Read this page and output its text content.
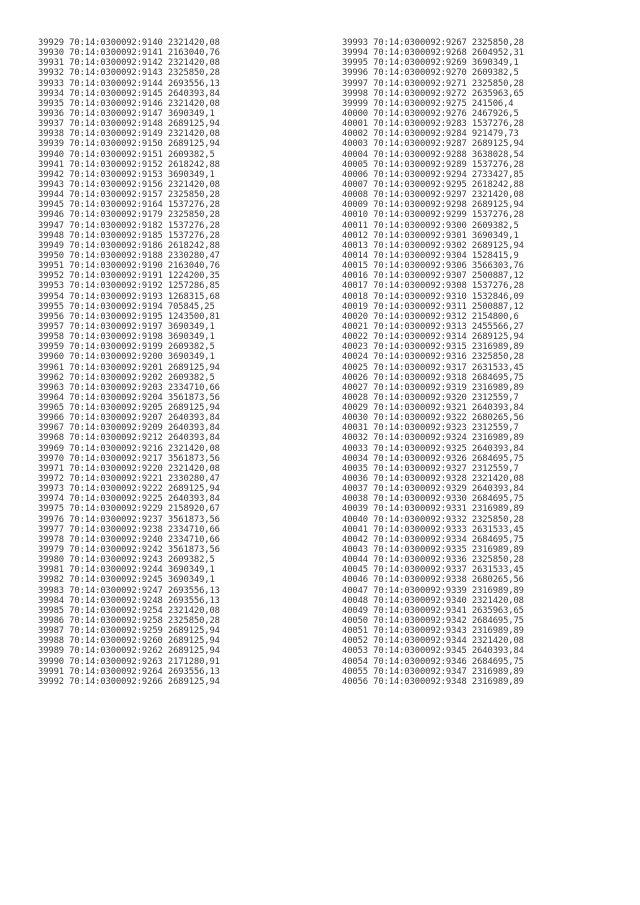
39929 70:14:0300092:9140 2321420,08
39930 70:14:0300092:9141 2163040,76
39931 70:14:0300092:9142 2321420,08
39932 70:14:0300092:9143 2325850,28
39933 70:14:0300092:9144 2693556,13
39934 70:14:0300092:9145 2640393,84
39935 70:14:0300092:9146 2321420,08
39936 70:14:0300092:9147 3690349,1
39937 70:14:0300092:9148 2689125,94
39938 70:14:0300092:9149 2321420,08
39939 70:14:0300092:9150 2689125,94
39940 70:14:0300092:9151 2609382,5
39941 70:14:0300092:9152 2618242,88
39942 70:14:0300092:9153 3690349,1
39943 70:14:0300092:9156 2321420,08
39944 70:14:0300092:9157 2325850,28
39945 70:14:0300092:9164 1537276,28
39946 70:14:0300092:9179 2325850,28
39947 70:14:0300092:9182 1537276,28
39948 70:14:0300092:9185 1537276,28
39949 70:14:0300092:9186 2618242,88
39950 70:14:0300092:9188 2330280,47
39951 70:14:0300092:9190 2163040,76
39952 70:14:0300092:9191 1224200,35
39953 70:14:0300092:9192 1257286,85
39954 70:14:0300092:9193 1268315,68
39955 70:14:0300092:9194 705845,25
39956 70:14:0300092:9195 1243500,81
39957 70:14:0300092:9197 3690349,1
39958 70:14:0300092:9198 3690349,1
39959 70:14:0300092:9199 2609382,5
39960 70:14:0300092:9200 3690349,1
39961 70:14:0300092:9201 2689125,94
39962 70:14:0300092:9202 2609382,5
39963 70:14:0300092:9203 2334710,66
39964 70:14:0300092:9204 3561873,56
39965 70:14:0300092:9205 2689125,94
39966 70:14:0300092:9207 2640393,84
39967 70:14:0300092:9209 2640393,84
39968 70:14:0300092:9212 2640393,84
39969 70:14:0300092:9216 2321420,08
39970 70:14:0300092:9217 3561873,56
39971 70:14:0300092:9220 2321420,08
39972 70:14:0300092:9221 2330280,47
39973 70:14:0300092:9222 2689125,94
39974 70:14:0300092:9225 2640393,84
39975 70:14:0300092:9229 2158920,67
39976 70:14:0300092:9237 3561873,56
39977 70:14:0300092:9238 2334710,66
39978 70:14:0300092:9240 2334710,66
39979 70:14:0300092:9242 3561873,56
39980 70:14:0300092:9243 2609382,5
39981 70:14:0300092:9244 3690349,1
39982 70:14:0300092:9245 3690349,1
39983 70:14:0300092:9247 2693556,13
39984 70:14:0300092:9248 2693556,13
39985 70:14:0300092:9254 2321420,08
39986 70:14:0300092:9258 2325850,28
39987 70:14:0300092:9259 2689125,94
39988 70:14:0300092:9260 2689125,94
39989 70:14:0300092:9262 2689125,94
39990 70:14:0300092:9263 2171280,91
39991 70:14:0300092:9264 2693556,13
39992 70:14:0300092:9266 2689125,94
39993 70:14:0300092:9267 2325850,28
39994 70:14:0300092:9268 2604952,31
39995 70:14:0300092:9269 3690349,1
39996 70:14:0300092:9270 2609382,5
39997 70:14:0300092:9271 2325850,28
39998 70:14:0300092:9272 2635963,65
39999 70:14:0300092:9275 241506,4
40000 70:14:0300092:9276 2467926,5
40001 70:14:0300092:9283 1537276,28
40002 70:14:0300092:9284 921479,73
40003 70:14:0300092:9287 2689125,94
40004 70:14:0300092:9288 3638028,54
40005 70:14:0300092:9289 1537276,28
40006 70:14:0300092:9294 2733427,85
40007 70:14:0300092:9295 2618242,88
40008 70:14:0300092:9297 2321420,08
40009 70:14:0300092:9298 2689125,94
40010 70:14:0300092:9299 1537276,28
40011 70:14:0300092:9300 2609382,5
40012 70:14:0300092:9301 3690349,1
40013 70:14:0300092:9302 2689125,94
40014 70:14:0300092:9304 1528415,9
40015 70:14:0300092:9306 3566303,76
40016 70:14:0300092:9307 2500887,12
40017 70:14:0300092:9308 1537276,28
40018 70:14:0300092:9310 1532846,09
40019 70:14:0300092:9311 2500887,12
40020 70:14:0300092:9312 2154800,6
40021 70:14:0300092:9313 2455566,27
40022 70:14:0300092:9314 2689125,94
40023 70:14:0300092:9315 2316989,89
40024 70:14:0300092:9316 2325850,28
40025 70:14:0300092:9317 2631533,45
40026 70:14:0300092:9318 2684695,75
40027 70:14:0300092:9319 2316989,89
40028 70:14:0300092:9320 2312559,7
40029 70:14:0300092:9321 2640393,84
40030 70:14:0300092:9322 2680265,56
40031 70:14:0300092:9323 2312559,7
40032 70:14:0300092:9324 2316989,89
40033 70:14:0300092:9325 2640393,84
40034 70:14:0300092:9326 2684695,75
40035 70:14:0300092:9327 2312559,7
40036 70:14:0300092:9328 2321420,08
40037 70:14:0300092:9329 2640393,84
40038 70:14:0300092:9330 2684695,75
40039 70:14:0300092:9331 2316989,89
40040 70:14:0300092:9332 2325850,28
40041 70:14:0300092:9333 2631533,45
40042 70:14:0300092:9334 2684695,75
40043 70:14:0300092:9335 2316989,89
40044 70:14:0300092:9336 2325850,28
40045 70:14:0300092:9337 2631533,45
40046 70:14:0300092:9338 2680265,56
40047 70:14:0300092:9339 2316989,89
40048 70:14:0300092:9340 2321420,08
40049 70:14:0300092:9341 2635963,65
40050 70:14:0300092:9342 2684695,75
40051 70:14:0300092:9343 2316989,89
40052 70:14:0300092:9344 2321420,08
40053 70:14:0300092:9345 2640393,84
40054 70:14:0300092:9346 2684695,75
40055 70:14:0300092:9347 2316989,89
40056 70:14:0300092:9348 2316989,89
